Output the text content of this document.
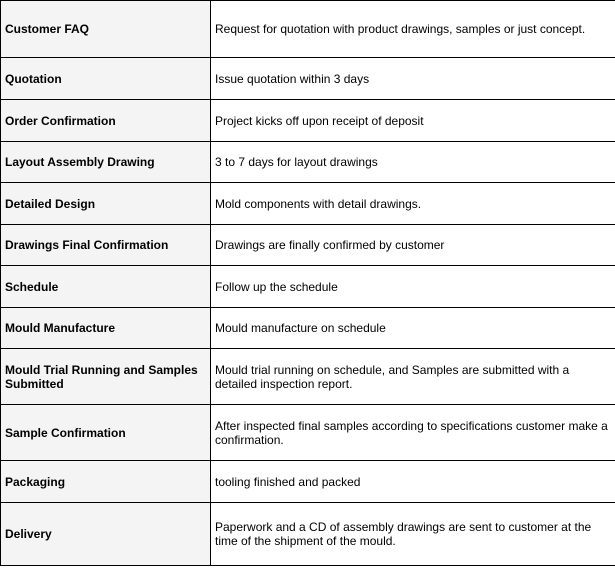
Customer FAQ	Request for quotation with product drawings, samples or just concept.
Quotation	Issue quotation within 3 days
Order Confirmation	Project kicks off upon receipt of deposit
Layout Assembly Drawing	3 to 7 days for layout drawings
Detailed Design	Mold components with detail drawings.
Drawings Final Confirmation	Drawings are finally confirmed by customer
Schedule	Follow up the schedule
Mould Manufacture	Mould manufacture on schedule
Mould Trial Running and Samples Submitted	Mould trial running on schedule, and Samples are submitted with a detailed inspection report.
Sample Confirmation	After inspected final samples according to specifications customer make a confirmation.
Packaging	tooling finished and packed
Delivery	Paperwork and a CD of assembly drawings are sent to customer at the time of the shipment of the mould.
